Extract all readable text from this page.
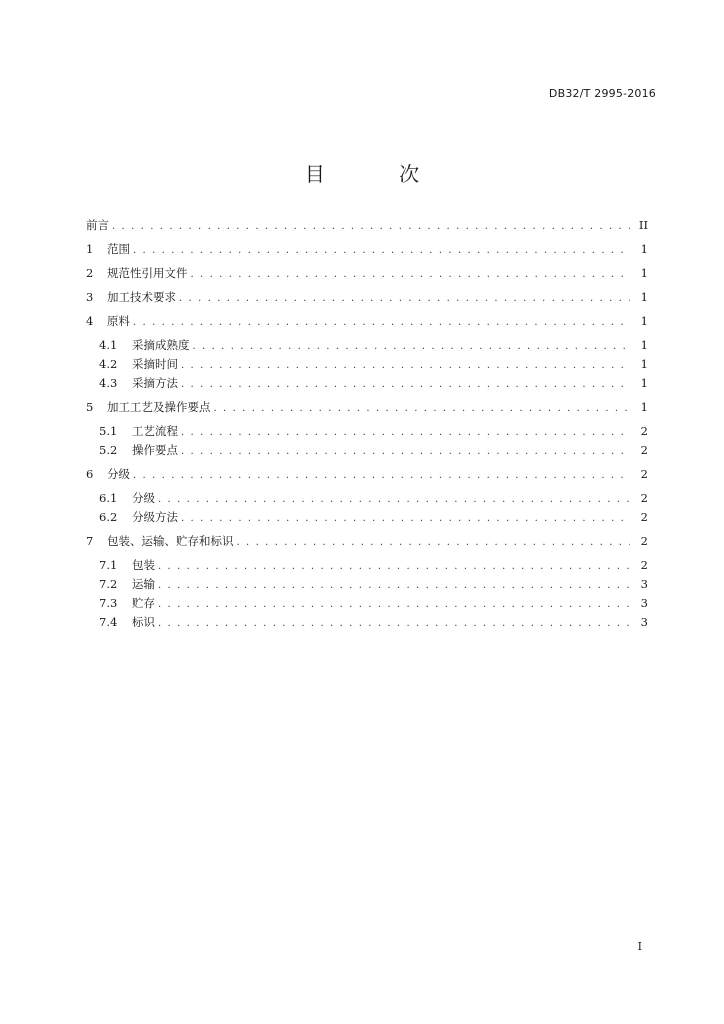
DB32/T 2995-2016
目 次
前言 . . .	II
1	范围 . . .	1
2	规范性引用文件 . . .	1
3	加工技术要求 . . .	1
4	原料 . . .	1
4.1	采摘成熟度 . . .	1
4.2	采摘时间 . . .	1
4.3	采摘方法 . . .	1
5	加工工艺及操作要点 . . .	1
5.1	工艺流程 . . .	2
5.2	操作要点 . . .	2
6	分级 . . .	2
6.1	分级 . . .	2
6.2	分级方法 . . .	2
7	包装、运输、贮存和标识 . . .	2
7.1	包装 . . .	2
7.2	运输 . . .	3
7.3	贮存 . . .	3
7.4	标识 . . .	3
I
